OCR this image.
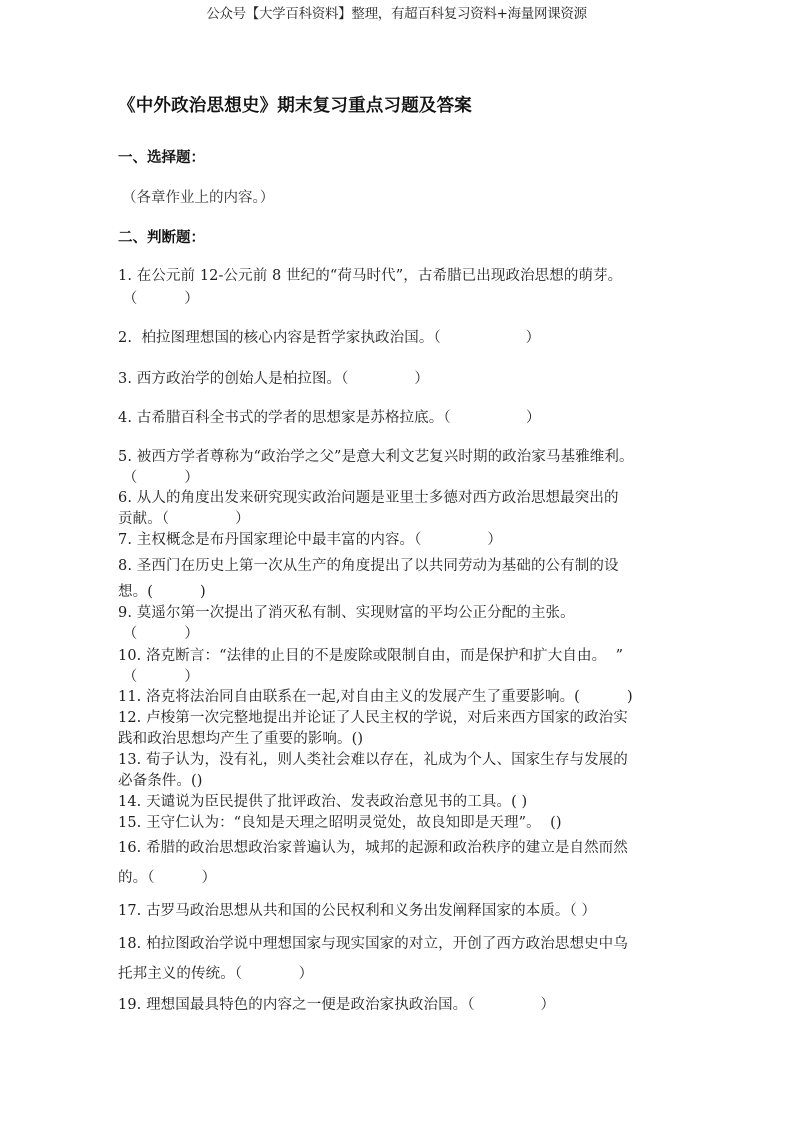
公众号【大学百科资料】整理，有超百科复习资料+海量网课资源
《中外政治思想史》期末复习重点习题及答案
一、选择题：
（各章作业上的内容。）
二、判断题：
1. 在公元前 12-公元前 8 世纪的“荷马时代”，古希腊已出现政治思想的萌芽。
（          ）
2.  柏拉图理想国的核心内容是哲学家执政治国。（                  ）
3. 西方政治学的创始人是柏拉图。（              ）
4. 古希腊百科全书式的学者的思想家是苏格拉底。（                ）
5. 被西方学者尊称为“政治学之父”是意大利文艺复兴时期的政治家马基雅维利。
（          ）
6. 从人的角度出发来研究现实政治问题是亚里士多德对西方政治思想最突出的
贡献。（              ）
7. 主权概念是布丹国家理论中最丰富的内容。（              ）
8. 圣西门在历史上第一次从生产的角度提出了以共同劳动为基础的公有制的设
想。(          )
9. 莫遥尔第一次提出了消灭私有制、实现财富的平均公正分配的主张。
（          ）
10. 洛克断言：“法律的止目的不是废除或限制自由，而是保护和扩大自由。  ”
（          ）
11. 洛克将法治同自由联系在一起,对自由主义的发展产生了重要影响。(          )
12. 卢梭第一次完整地提出并论证了人民主权的学说，对后来西方国家的政治实
践和政治思想均产生了重要的影响。()
13. 荀子认为，没有礼，则人类社会难以存在，礼成为个人、国家生存与发展的
必备条件。()
14. 天谴说为臣民提供了批评政治、发表政治意见书的工具。( )
15. 王守仁认为：“良知是天理之昭明灵觉处，故良知即是天理”。  ()
16. 希腊的政治思想政治家普遍认为，城邦的起源和政治秩序的建立是自然而然
的。（          ）
17. 古罗马政治思想从共和国的公民权利和义务出发阐释国家的本质。（ ）
18. 柏拉图政治学说中理想国家与现实国家的对立，开创了西方政治思想史中乌
托邦主义的传统。（            ）
19. 理想国最具特色的内容之一便是政治家执政治国。（              ）
